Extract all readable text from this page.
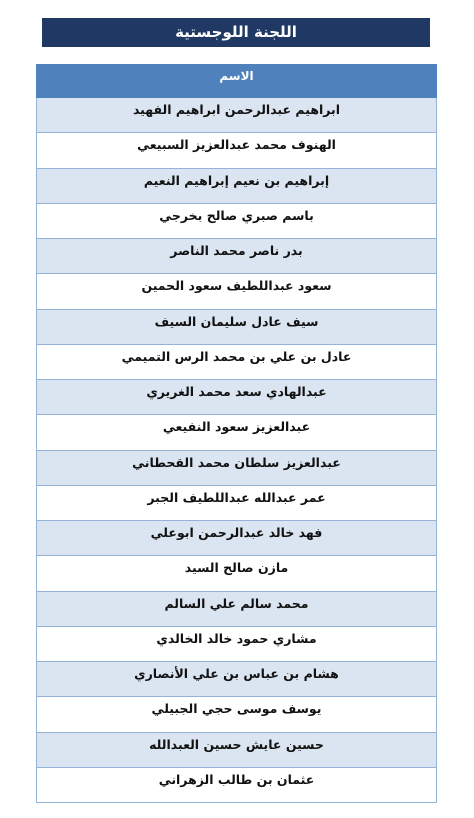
اللجنة اللوجستية
الاسم
ابراهيم عبدالرحمن ابراهيم الفهيد
الهنوف محمد عبدالعزيز السبيعي
إبراهيم بن نعيم إبراهيم النعيم
باسم صبري صالح بخرجي
بدر ناصر محمد الناصر
سعود عبداللطيف سعود الحمين
سيف عادل سليمان السيف
عادل بن علي بن محمد الرس التميمي
عبدالهادي سعد محمد الغريري
عبدالعزيز سعود النفيعي
عبدالعزيز سلطان محمد القحطاني
عمر عبدالله عبداللطيف الجبر
فهد خالد عبدالرحمن ابوعلي
مازن صالح السيد
محمد سالم علي السالم
مشاري حمود خالد الخالدي
هشام بن عباس بن علي الأنصاري
يوسف موسى حجي الجبيلي
حسين عايش حسين العبدالله
عثمان بن طالب الزهراني
